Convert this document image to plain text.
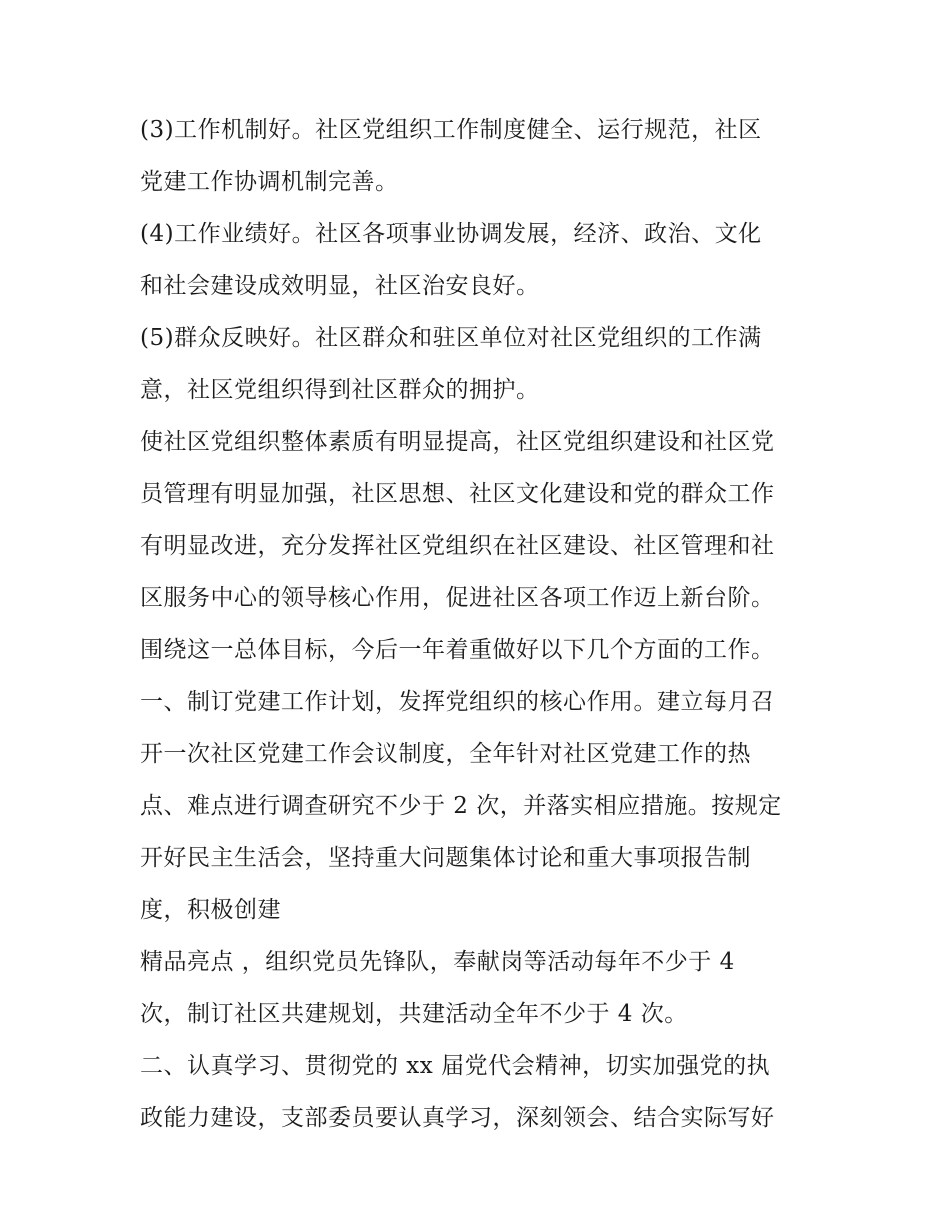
(3)工作机制好。社区党组织工作制度健全、运行规范，社区
党建工作协调机制完善。
(4)工作业绩好。社区各项事业协调发展，经济、政治、文化
和社会建设成效明显，社区治安良好。
(5)群众反映好。社区群众和驻区单位对社区党组织的工作满
意，社区党组织得到社区群众的拥护。
使社区党组织整体素质有明显提高，社区党组织建设和社区党
员管理有明显加强，社区思想、社区文化建设和党的群众工作
有明显改进，充分发挥社区党组织在社区建设、社区管理和社
区服务中心的领导核心作用，促进社区各项工作迈上新台阶。
围绕这一总体目标，今后一年着重做好以下几个方面的工作。
一、制订党建工作计划，发挥党组织的核心作用。建立每月召
开一次社区党建工作会议制度，全年针对社区党建工作的热
点、难点进行调查研究不少于 2 次，并落实相应措施。按规定
开好民主生活会，坚持重大问题集体讨论和重大事项报告制
度，积极创建
精品亮点 ，组织党员先锋队，奉献岗等活动每年不少于 4
次，制订社区共建规划，共建活动全年不少于 4 次。
二、认真学习、贯彻党的 xx 届党代会精神，切实加强党的执
政能力建设，支部委员要认真学习，深刻领会、结合实际写好
